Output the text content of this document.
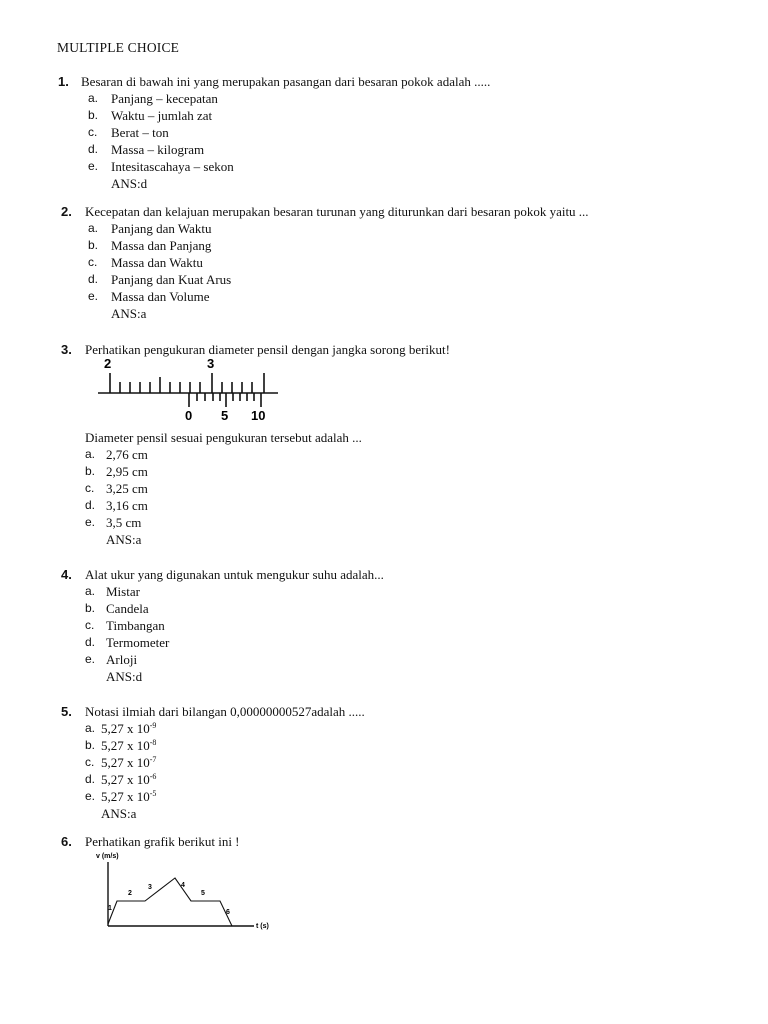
MULTIPLE CHOICE
1. Besaran di bawah ini yang merupakan pasangan dari besaran pokok adalah .....
a. Panjang – kecepatan
b. Waktu – jumlah zat
c. Berat – ton
d. Massa – kilogram
e. Intesitascahaya – sekon
ANS:d
2. Kecepatan dan kelajuan merupakan besaran turunan yang diturunkan dari besaran pokok yaitu ...
a. Panjang dan Waktu
b. Massa dan Panjang
c. Massa dan Waktu
d. Panjang dan Kuat Arus
e. Massa dan Volume
ANS:a
3. Perhatikan pengukuran diameter pensil dengan jangka sorong berikut!
2	3
0 5 10
Diameter pensil sesuai pengukuran tersebut adalah ...
a. 2,76 cm
b. 2,95 cm
c. 3,25 cm
d. 3,16 cm
e. 3,5 cm
ANS:a
4. Alat ukur yang digunakan untuk mengukur suhu adalah...
a. Mistar
b. Candela
c. Timbangan
d. Termometer
e. Arloji
ANS:d
5. Notasi ilmiah dari bilangan 0,00000000527adalah .....
a. 5,27 x $10^{-9}$
b. 5,27 x $10^{-8}$
c. 5,27 x $10^{-7}$
d. 5,27 x $10^{-6}$
e. 5,27 x $10^{-5}$
ANS:a
6. Perhatikan grafik berikut ini !
v (m/s)
t (s)
1
2
3	4
5
6
